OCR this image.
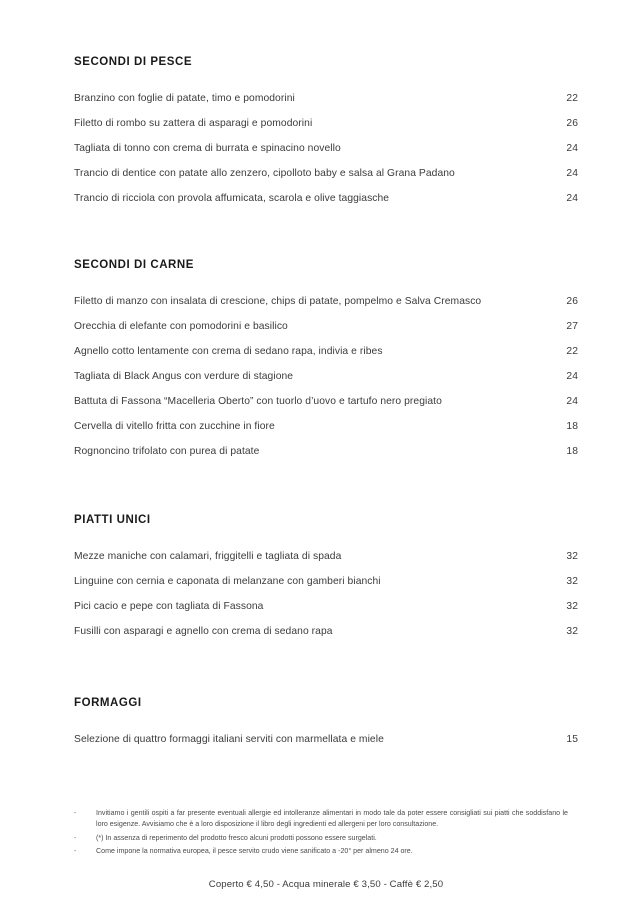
SECONDI DI PESCE
Branzino con foglie di patate, timo e pomodorini	22
Filetto di rombo su zattera di asparagi e pomodorini	26
Tagliata di tonno con crema di burrata e spinacino novello	24
Trancio di dentice con patate allo zenzero, cipolloto baby e salsa al Grana Padano	24
Trancio di ricciola con provola affumicata, scarola e olive taggiasche	24
SECONDI DI CARNE
Filetto di manzo con insalata di crescione, chips di patate, pompelmo e Salva Cremasco	26
Orecchia di elefante con pomodorini e basilico	27
Agnello cotto lentamente con crema di sedano rapa, indivia e ribes	22
Tagliata di Black Angus con verdure di stagione	24
Battuta di Fassona “Macelleria Oberto” con tuorlo d’uovo e tartufo nero pregiato	24
Cervella di vitello fritta con zucchine in fiore	18
Rognoncino trifolato con purea di patate	18
PIATTI UNICI
Mezze maniche con calamari, friggitelli e tagliata di spada	32
Linguine con cernia e caponata di melanzane con gamberi bianchi	32
Pici cacio e pepe con tagliata di Fassona	32
Fusilli con asparagi e agnello con crema di sedano rapa	32
FORMAGGI
Selezione di quattro formaggi italiani serviti con marmellata e miele	15
-	Invitiamo i gentili ospiti a far presente eventuali allergie ed intolleranze alimentari in modo tale da poter essere consigliati sui piatti che soddisfano le loro esigenze. Avvisiamo che è a loro disposizione il libro degli ingredienti ed allergeni per loro consultazione.
-	(*) In assenza di reperimento del prodotto fresco alcuni prodotti possono essere surgelati.
-	Come impone la normativa europea, il pesce servito crudo viene sanificato a -20° per almeno 24 ore.
Coperto € 4,50 - Acqua minerale € 3,50 - Caffè € 2,50
